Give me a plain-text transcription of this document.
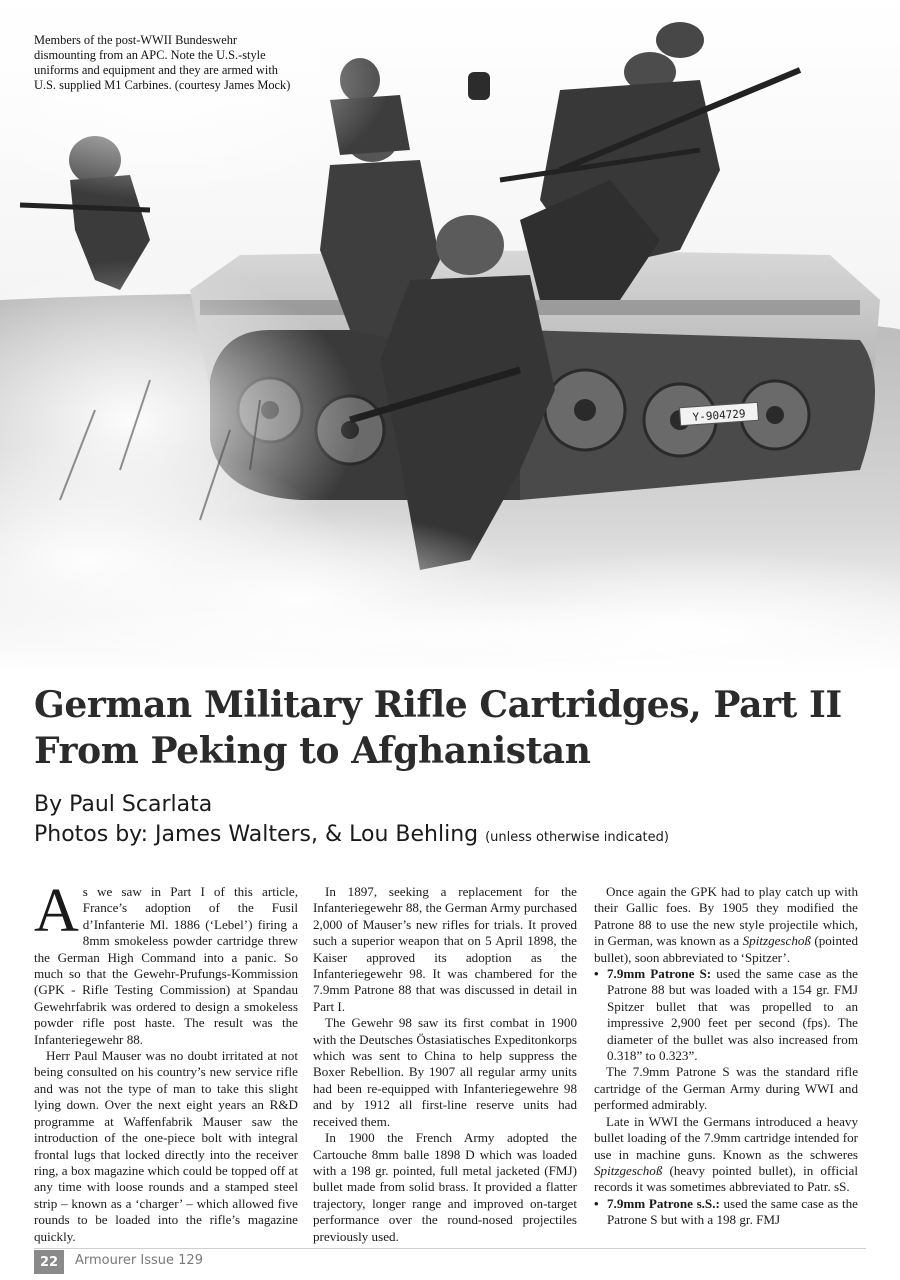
Y-904729
Members of the post-WWII Bundeswehr dismounting from an APC. Note the U.S.-style uniforms and equipment and they are armed with U.S. supplied M1 Carbines. (courtesy James Mock)
German Military Rifle Cartridges, Part II
From Peking to Afghanistan
By Paul Scarlata
Photos by: James Walters, & Lou Behling (unless otherwise indicated)

As we saw in Part I of this article, France’s adoption of the Fusil d’Infanterie Ml. 1886 (‘Lebel’) firing a 8mm smokeless powder cartridge threw the German High Command into a panic. So much so that the Gewehr-Prufungs-Kommission (GPK - Rifle Testing Commission) at Spandau Gewehrfabrik was ordered to design a smokeless powder rifle post haste. The result was the Infanteriegewehr 88.

Herr Paul Mauser was no doubt irritated at not being consulted on his country’s new service rifle and was not the type of man to take this slight lying down. Over the next eight years an R&D programme at Waffenfabrik Mauser saw the introduction of the one-piece bolt with integral frontal lugs that locked directly into the receiver ring, a box magazine which could be topped off at any time with loose rounds and a stamped steel strip – known as a ‘charger’ – which allowed five rounds to be loaded into the rifle’s magazine quickly.

In 1897, seeking a replacement for the Infanteriegewehr 88, the German Army purchased 2,000 of Mauser’s new rifles for trials. It proved such a superior weapon that on 5 April 1898, the Kaiser approved its adoption as the Infanteriegewehr 98. It was chambered for the 7.9mm Patrone 88 that was discussed in detail in Part I.

The Gewehr 98 saw its first combat in 1900 with the Deutsches Östasiatisches Expeditonkorps which was sent to China to help suppress the Boxer Rebellion. By 1907 all regular army units had been re-equipped with Infanteriegewehre 98 and by 1912 all first-line reserve units had received them.

In 1900 the French Army adopted the Cartouche 8mm balle 1898 D which was loaded with a 198 gr. pointed, full metal jacketed (FMJ) bullet made from solid brass. It provided a flatter trajectory, longer range and improved on-target performance over the round-nosed projectiles previously used.

Once again the GPK had to play catch up with their Gallic foes. By 1905 they modified the Patrone 88 to use the new style projectile which, in German, was known as a Spitzgeschoß (pointed bullet), soon abbreviated to ‘Spitzer’.

• 7.9mm Patrone S: used the same case as the Patrone 88 but was loaded with a 154 gr. FMJ Spitzer bullet that was propelled to an impressive 2,900 feet per second (fps). The diameter of the bullet was also increased from 0.318” to 0.323”.

The 7.9mm Patrone S was the standard rifle cartridge of the German Army during WWI and performed admirably.

Late in WWI the Germans introduced a heavy bullet loading of the 7.9mm cartridge intended for use in machine guns. Known as the schweres Spitzgeschoß (heavy pointed bullet), in official records it was sometimes abbreviated to Patr. sS.

• 7.9mm Patrone s.S.: used the same case as the Patrone S but with a 198 gr. FMJ
22	Armourer Issue 129
